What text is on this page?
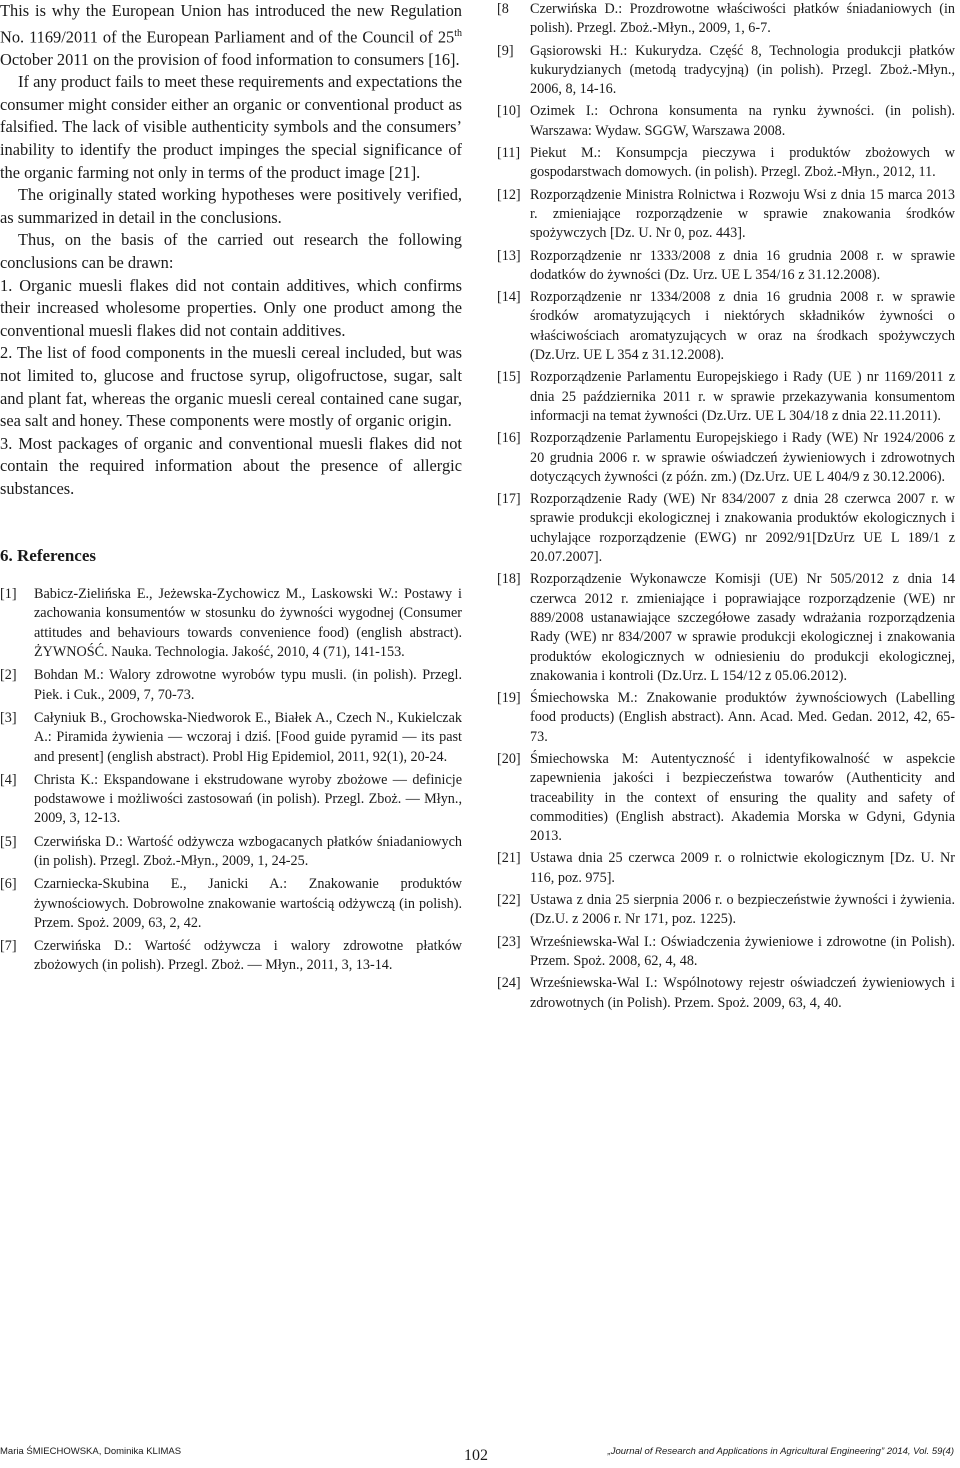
This is why the European Union has introduced the new Regulation No. 1169/2011 of the European Parliament and of the Council of 25th October 2011 on the provision of food information to consumers [16].

If any product fails to meet these requirements and expectations the consumer might consider either an organic or conventional product as falsified. The lack of visible authenticity symbols and the consumers’ inability to identify the product impinges the special significance of the organic farming not only in terms of the product image [21].

The originally stated working hypotheses were positively verified, as summarized in detail in the conclusions.

Thus, on the basis of the carried out research the following conclusions can be drawn:

1. Organic muesli flakes did not contain additives, which confirms their increased wholesome properties. Only one product among the conventional muesli flakes did not contain additives.

2. The list of food components in the muesli cereal included, but was not limited to, glucose and fructose syrup, oligofructose, sugar, salt and plant fat, whereas the organic muesli cereal contained cane sugar, sea salt and honey. These components were mostly of organic origin.

3. Most packages of organic and conventional muesli flakes did not contain the required information about the presence of allergic substances.

6. References
[1]	Babicz-Zielińska E., Jeżewska-Zychowicz M., Laskowski W.: Postawy i zachowania konsumentów w stosunku do żywności wygodnej (Consumer attitudes and behaviours towards convenience food) (english abstract). ŻYWNOŚĆ. Nauka. Technologia. Jakość, 2010, 4 (71), 141-153.
[2]	Bohdan M.: Walory zdrowotne wyrobów typu musli. (in polish). Przegl. Piek. i Cuk., 2009, 7, 70-73.
[3]	Całyniuk B., Grochowska-Niedworok E., Białek A., Czech N., Kukielczak A.: Piramida żywienia — wczoraj i dziś. [Food guide pyramid — its past and present] (english abstract). Probl Hig Epidemiol, 2011, 92(1), 20-24.
[4]	Christa K.: Ekspandowane i ekstrudowane wyroby zbożowe — definicje podstawowe i możliwości zastosowań (in polish). Przegl. Zboż. — Młyn., 2009, 3, 12-13.
[5]	Czerwińska D.: Wartość odżywcza wzbogacanych płatków śniadaniowych (in polish). Przegl. Zboż.-Młyn., 2009, 1, 24-25.
[6]	Czarniecka-Skubina E., Janicki A.: Znakowanie produktów żywnościowych. Dobrowolne znakowanie wartością odżywczą (in polish). Przem. Spoż. 2009, 63, 2, 42.
[7]	Czerwińska D.: Wartość odżywcza i walory zdrowotne płatków zbożowych (in polish). Przegl. Zboż. — Młyn., 2011, 3, 13-14.
[8	Czerwińska D.: Prozdrowotne właściwości płatków śniadaniowych (in polish). Przegl. Zboż.-Młyn., 2009, 1, 6-7.
[9]	Gąsiorowski H.: Kukurydza. Część 8, Technologia produkcji płatków kukurydzianych (metodą tradycyjną) (in polish). Przegl. Zboż.-Młyn., 2006, 8, 14-16.
[10] Ozimek I.: Ochrona konsumenta na rynku żywności. (in polish). Warszawa: Wydaw. SGGW, Warszawa 2008.
[11] Piekut M.: Konsumpcja pieczywa i produktów zbożowych w gospodarstwach domowych. (in polish). Przegl. Zboż.-Młyn., 2012, 11.
[12] Rozporządzenie Ministra Rolnictwa i Rozwoju Wsi z dnia 15 marca 2013 r. zmieniające rozporządzenie w sprawie znakowania środków spożywczych [Dz. U. Nr 0, poz. 443].
[13] Rozporządzenie nr 1333/2008 z dnia 16 grudnia 2008 r. w sprawie dodatków do żywności (Dz. Urz. UE L 354/16 z 31.12.2008).
[14] Rozporządzenie nr 1334/2008 z dnia 16 grudnia 2008 r. w sprawie środków aromatyzujących i niektórych składników żywności o właściwościach aromatyzujących w oraz na środkach spożywczych (Dz.Urz. UE L 354 z 31.12.2008).
[15] Rozporządzenie Parlamentu Europejskiego i Rady (UE ) nr 1169/2011 z dnia 25 października 2011 r. w sprawie przekazywania konsumentom informacji na temat żywności (Dz.Urz. UE L 304/18 z dnia 22.11.2011).
[16] Rozporządzenie Parlamentu Europejskiego i Rady (WE) Nr 1924/2006 z 20 grudnia 2006 r. w sprawie oświadczeń żywieniowych i zdrowotnych dotyczących żywności (z późn. zm.) (Dz.Urz. UE L 404/9 z 30.12.2006).
[17] Rozporządzenie Rady (WE) Nr 834/2007 z dnia 28 czerwca 2007 r. w sprawie produkcji ekologicznej i znakowania produktów ekologicznych i uchylające rozporządzenie (EWG) nr 2092/91[DzUrz UE L 189/1 z 20.07.2007].
[18] Rozporządzenie Wykonawcze Komisji (UE) Nr 505/2012 z dnia 14 czerwca 2012 r. zmieniające i poprawiające rozporządzenie (WE) nr 889/2008 ustanawiające szczegółowe zasady wdrażania rozporządzenia Rady (WE) nr 834/2007 w sprawie produkcji ekologicznej i znakowania produktów ekologicznych w odniesieniu do produkcji ekologicznej, znakowania i kontroli (Dz.Urz. L 154/12 z 05.06.2012).
[19] Śmiechowska M.: Znakowanie produktów żywnościowych (Labelling food products) (English abstract). Ann. Acad. Med. Gedan. 2012, 42, 65-73.
[20] Śmiechowska M: Autentyczność i identyfikowalność w aspekcie zapewnienia jakości i bezpieczeństwa towarów (Authenticity and traceability in the context of ensuring the quality and safety of commodities) (English abstract). Akademia Morska w Gdyni, Gdynia 2013.
[21] Ustawa dnia 25 czerwca 2009 r. o rolnictwie ekologicznym [Dz. U. Nr 116, poz. 975].
[22] Ustawa z dnia 25 sierpnia 2006 r. o bezpieczeństwie żywności i żywienia. (Dz.U. z 2006 r. Nr 171, poz. 1225).
[23] Wrześniewska-Wal I.: Oświadczenia żywieniowe i zdrowotne (in Polish). Przem. Spoż. 2008, 62, 4, 48.
[24] Wrześniewska-Wal I.: Wspólnotowy rejestr oświadczeń żywieniowych i zdrowotnych (in Polish). Przem. Spoż. 2009, 63, 4, 40.
Maria ŚMIECHOWSKA, Dominika KLIMAS	102	„Journal of Research and Applications in Agricultural Engineering” 2014, Vol. 59(4)
